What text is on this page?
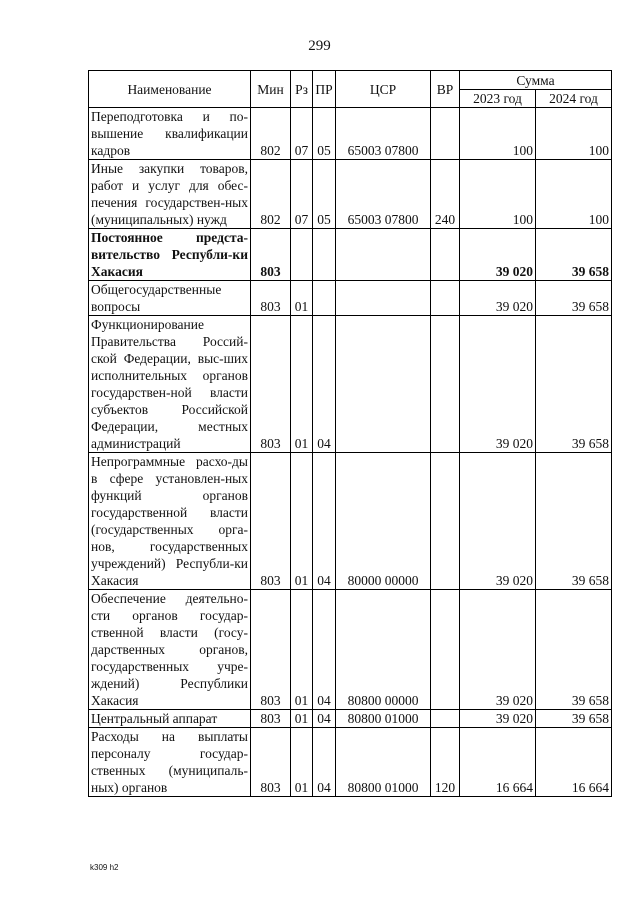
299
Наименование	Мин	Рз	ПР	ЦСР	ВР	Сумма	
						2023 год	2024 год
Переподготовка и по-вышение квалификации кадров	802	07	05	65003 07800		100	100
Иные закупки товаров, работ и услуг для обес-печения государствен-ных (муниципальных) нужд	802	07	05	65003 07800	240	100	100
Постоянное предста-вительство Республи-ки Хакасия	803					39 020	39 658
Общегосударственные вопросы	803	01				39 020	39 658
Функционирование Правительства Россий-ской Федерации, выс-ших исполнительных органов государствен-ной власти субъектов Российской Федерации, местных администраций	803	01	04			39 020	39 658
Непрограммные расхо-ды в сфере установлен-ных функций органов государственной власти (государственных орга-нов, государственных учреждений) Республи-ки Хакасия	803	01	04	80000 00000		39 020	39 658
Обеспечение деятельно-сти органов государ-ственной власти (госу-дарственных органов, государственных учре-ждений) Республики Хакасия	803	01	04	80800 00000		39 020	39 658
Центральный аппарат	803	01	04	80800 01000		39 020	39 658
Расходы на выплаты персоналу государ-ственных (муниципаль-ных) органов	803	01	04	80800 01000	120	16 664	16 664
k309 h2
